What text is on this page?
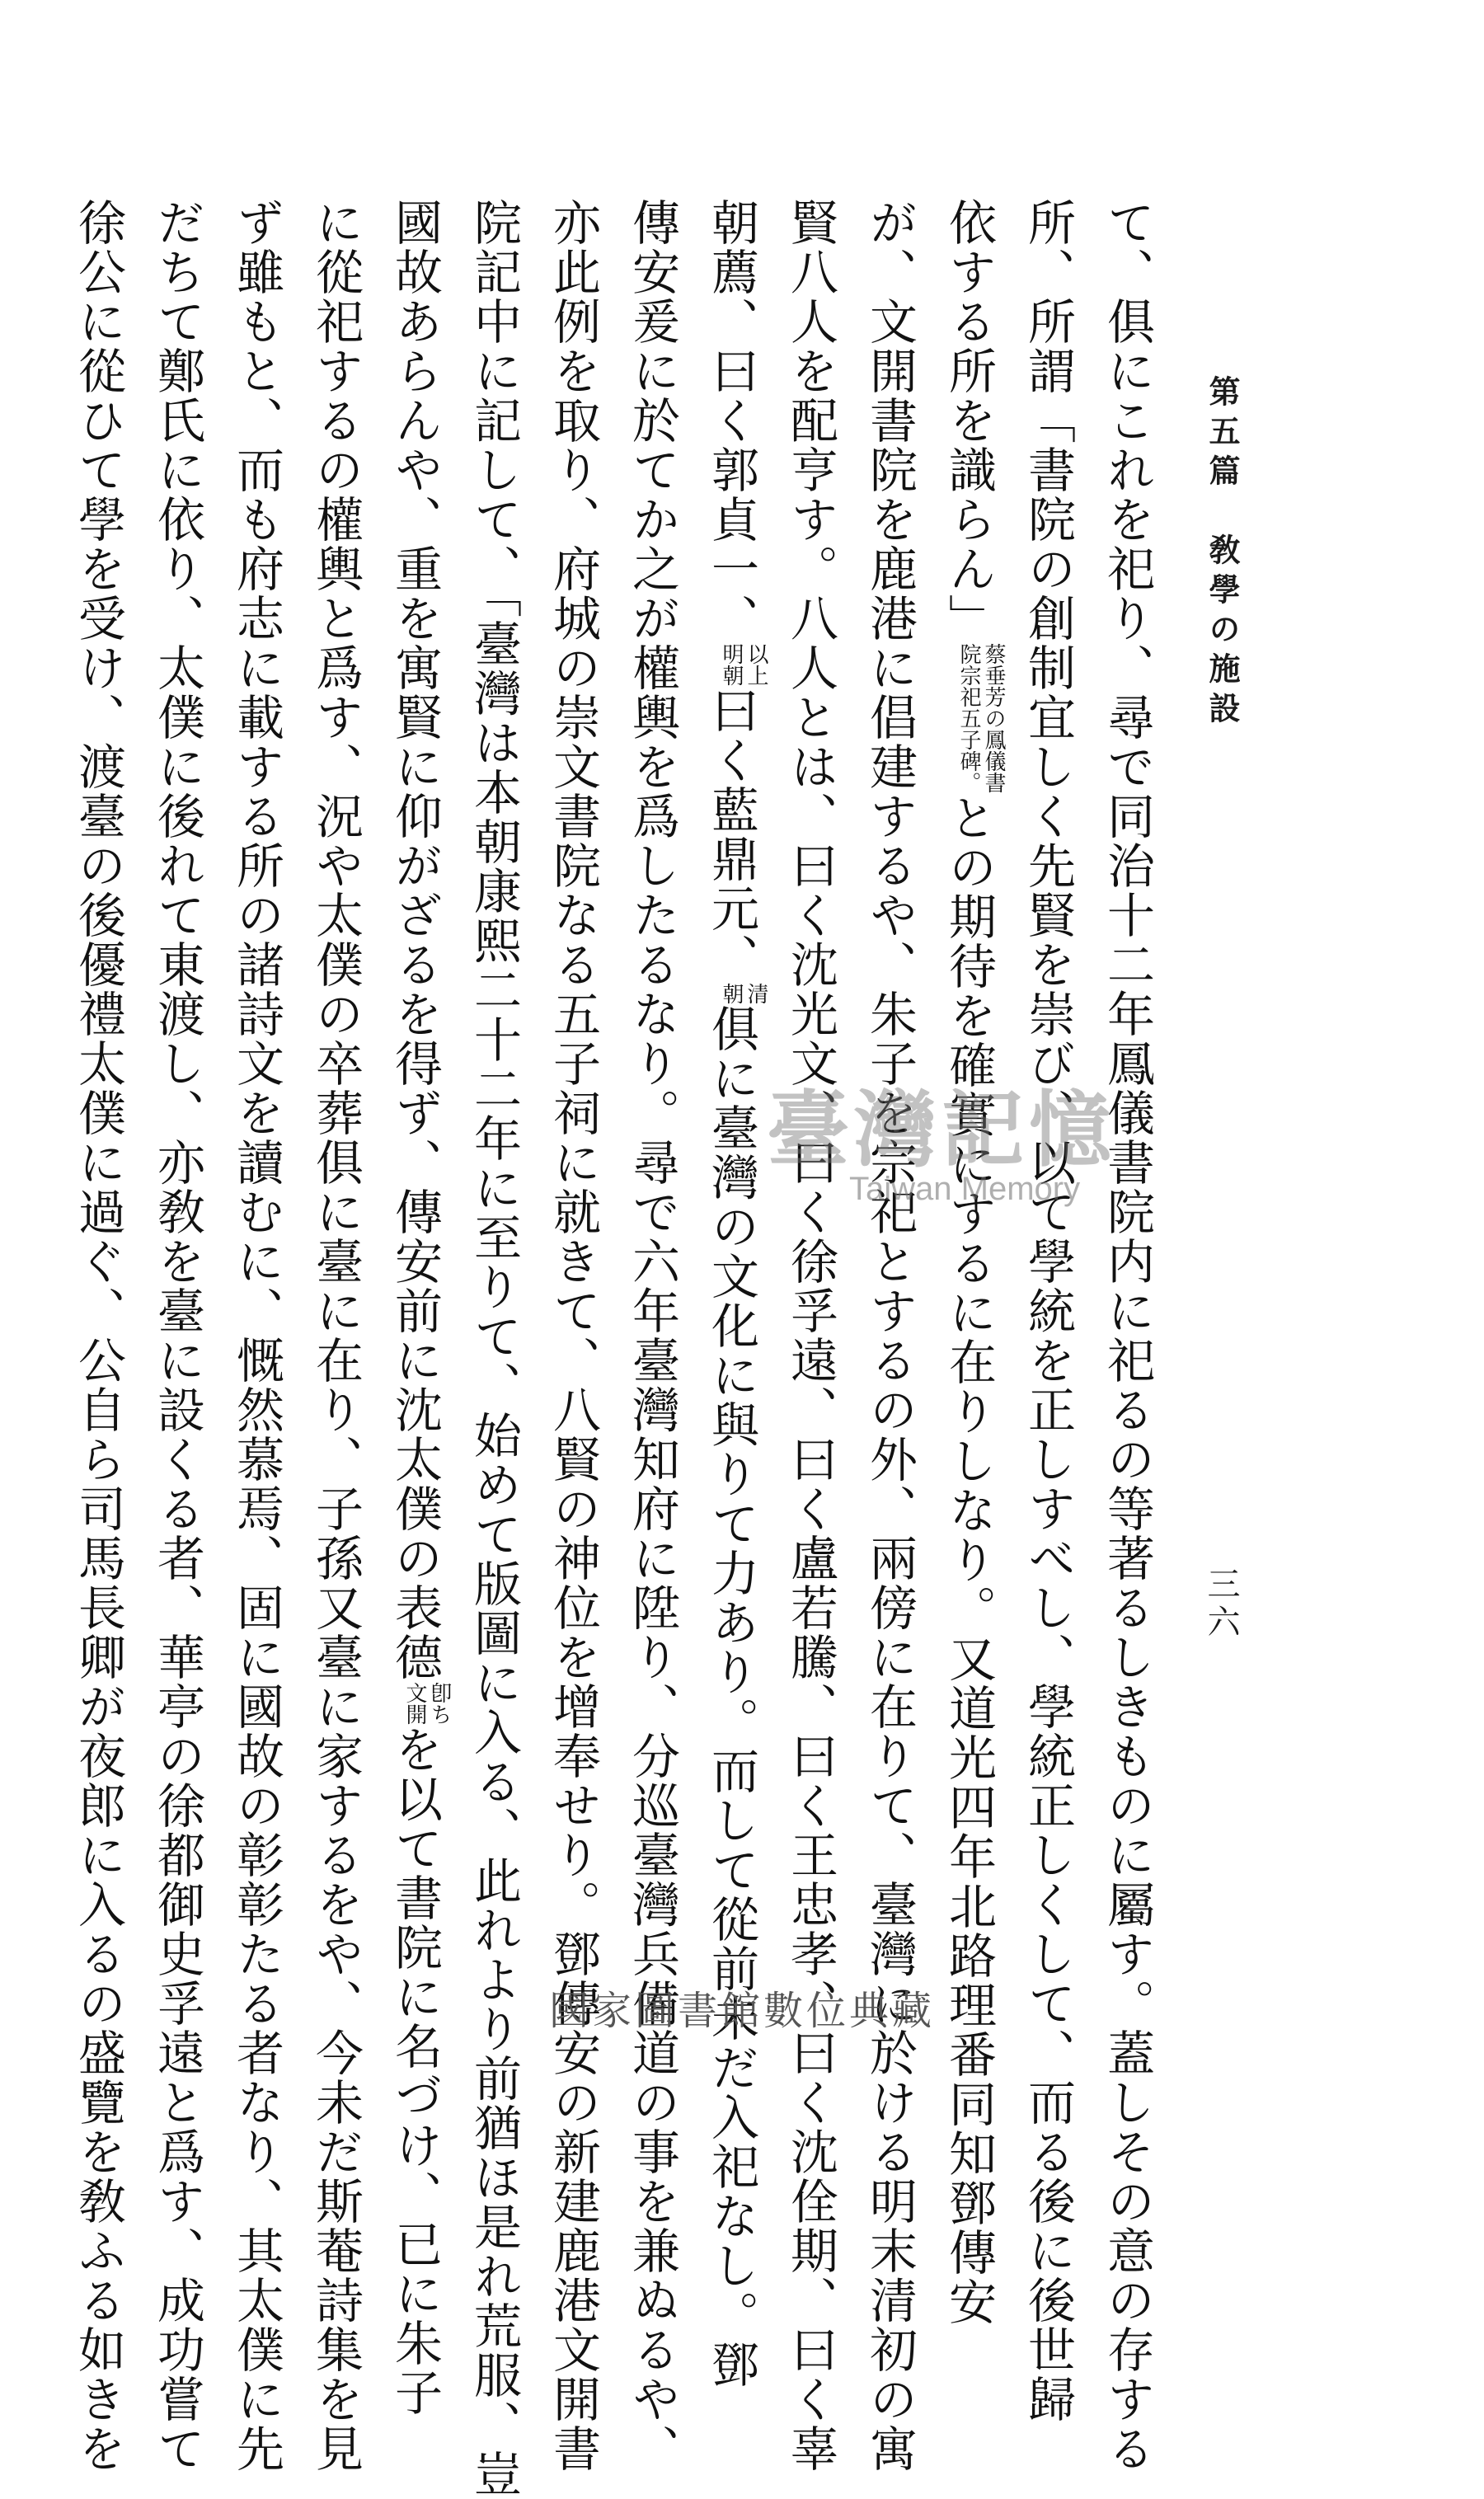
第五篇　敎學の施設
三六
て、俱にこれを祀り、尋で同治十二年鳳儀書院内に祀るの等著るしきものに屬す。蓋しその意の存する
所、所謂「書院の創制宜しく先賢を崇び、以て學統を正しすべし、學統正しくして、而る後に後世歸
依する所を識らん」
蔡垂芳の鳳儀書
院宗祀五子碑。
との期待を確實にするに在りしなり。又道光四年北路理番同知鄧傳安
が、文開書院を鹿港に倡建するや、朱子を宗祀とするの外、兩傍に在りて、臺灣に於ける明末清初の寓
賢八人を配亨す。八人とは、曰く沈光文、曰く徐孚遠、曰く盧若騰、曰く王忠孝、曰く沈佺期、曰く辜
朝薦、曰く郭貞一、
以上
明朝
曰く藍鼎元、
清
朝
俱に臺灣の文化に與りて力あり。而して從前未だ入祀なし。鄧
傳安爰に於てか之が權輿を爲したるなり。尋で六年臺灣知府に陞り、分巡臺灣兵備道の事を兼ぬるや、
亦此例を取り、府城の崇文書院なる五子祠に就きて、八賢の神位を增奉せり。鄧傳安の新建鹿港文開書
院記中に記して、「臺灣は本朝康熙二十二年に至りて、始めて版圖に入る、此れより前猶ほ是れ荒服、豈
國故あらんや、重を寓賢に仰がざるを得ず、傳安前に沈太僕の表德
卽ち
文開
を以て書院に名づけ、已に朱子
に從祀するの權輿と爲す、況や太僕の卒葬俱に臺に在り、子孫又臺に家するをや、今未だ斯菴詩集を見
ず雖もと、而も府志に載する所の諸詩文を讀むに、慨然慕焉、固に國故の彰彰たる者なり、其太僕に先
だちて鄭氏に依り、太僕に後れて東渡し、亦敎を臺に設くる者、華亭の徐都御史孚遠と爲す、成功嘗て
徐公に從ひて學を受け、渡臺の後優禮太僕に過ぐ、公自ら司馬長卿が夜郎に入るの盛覽を敎ふる如きを	臺灣記憶
Taiwan Memory
國家圖書館數位典藏
